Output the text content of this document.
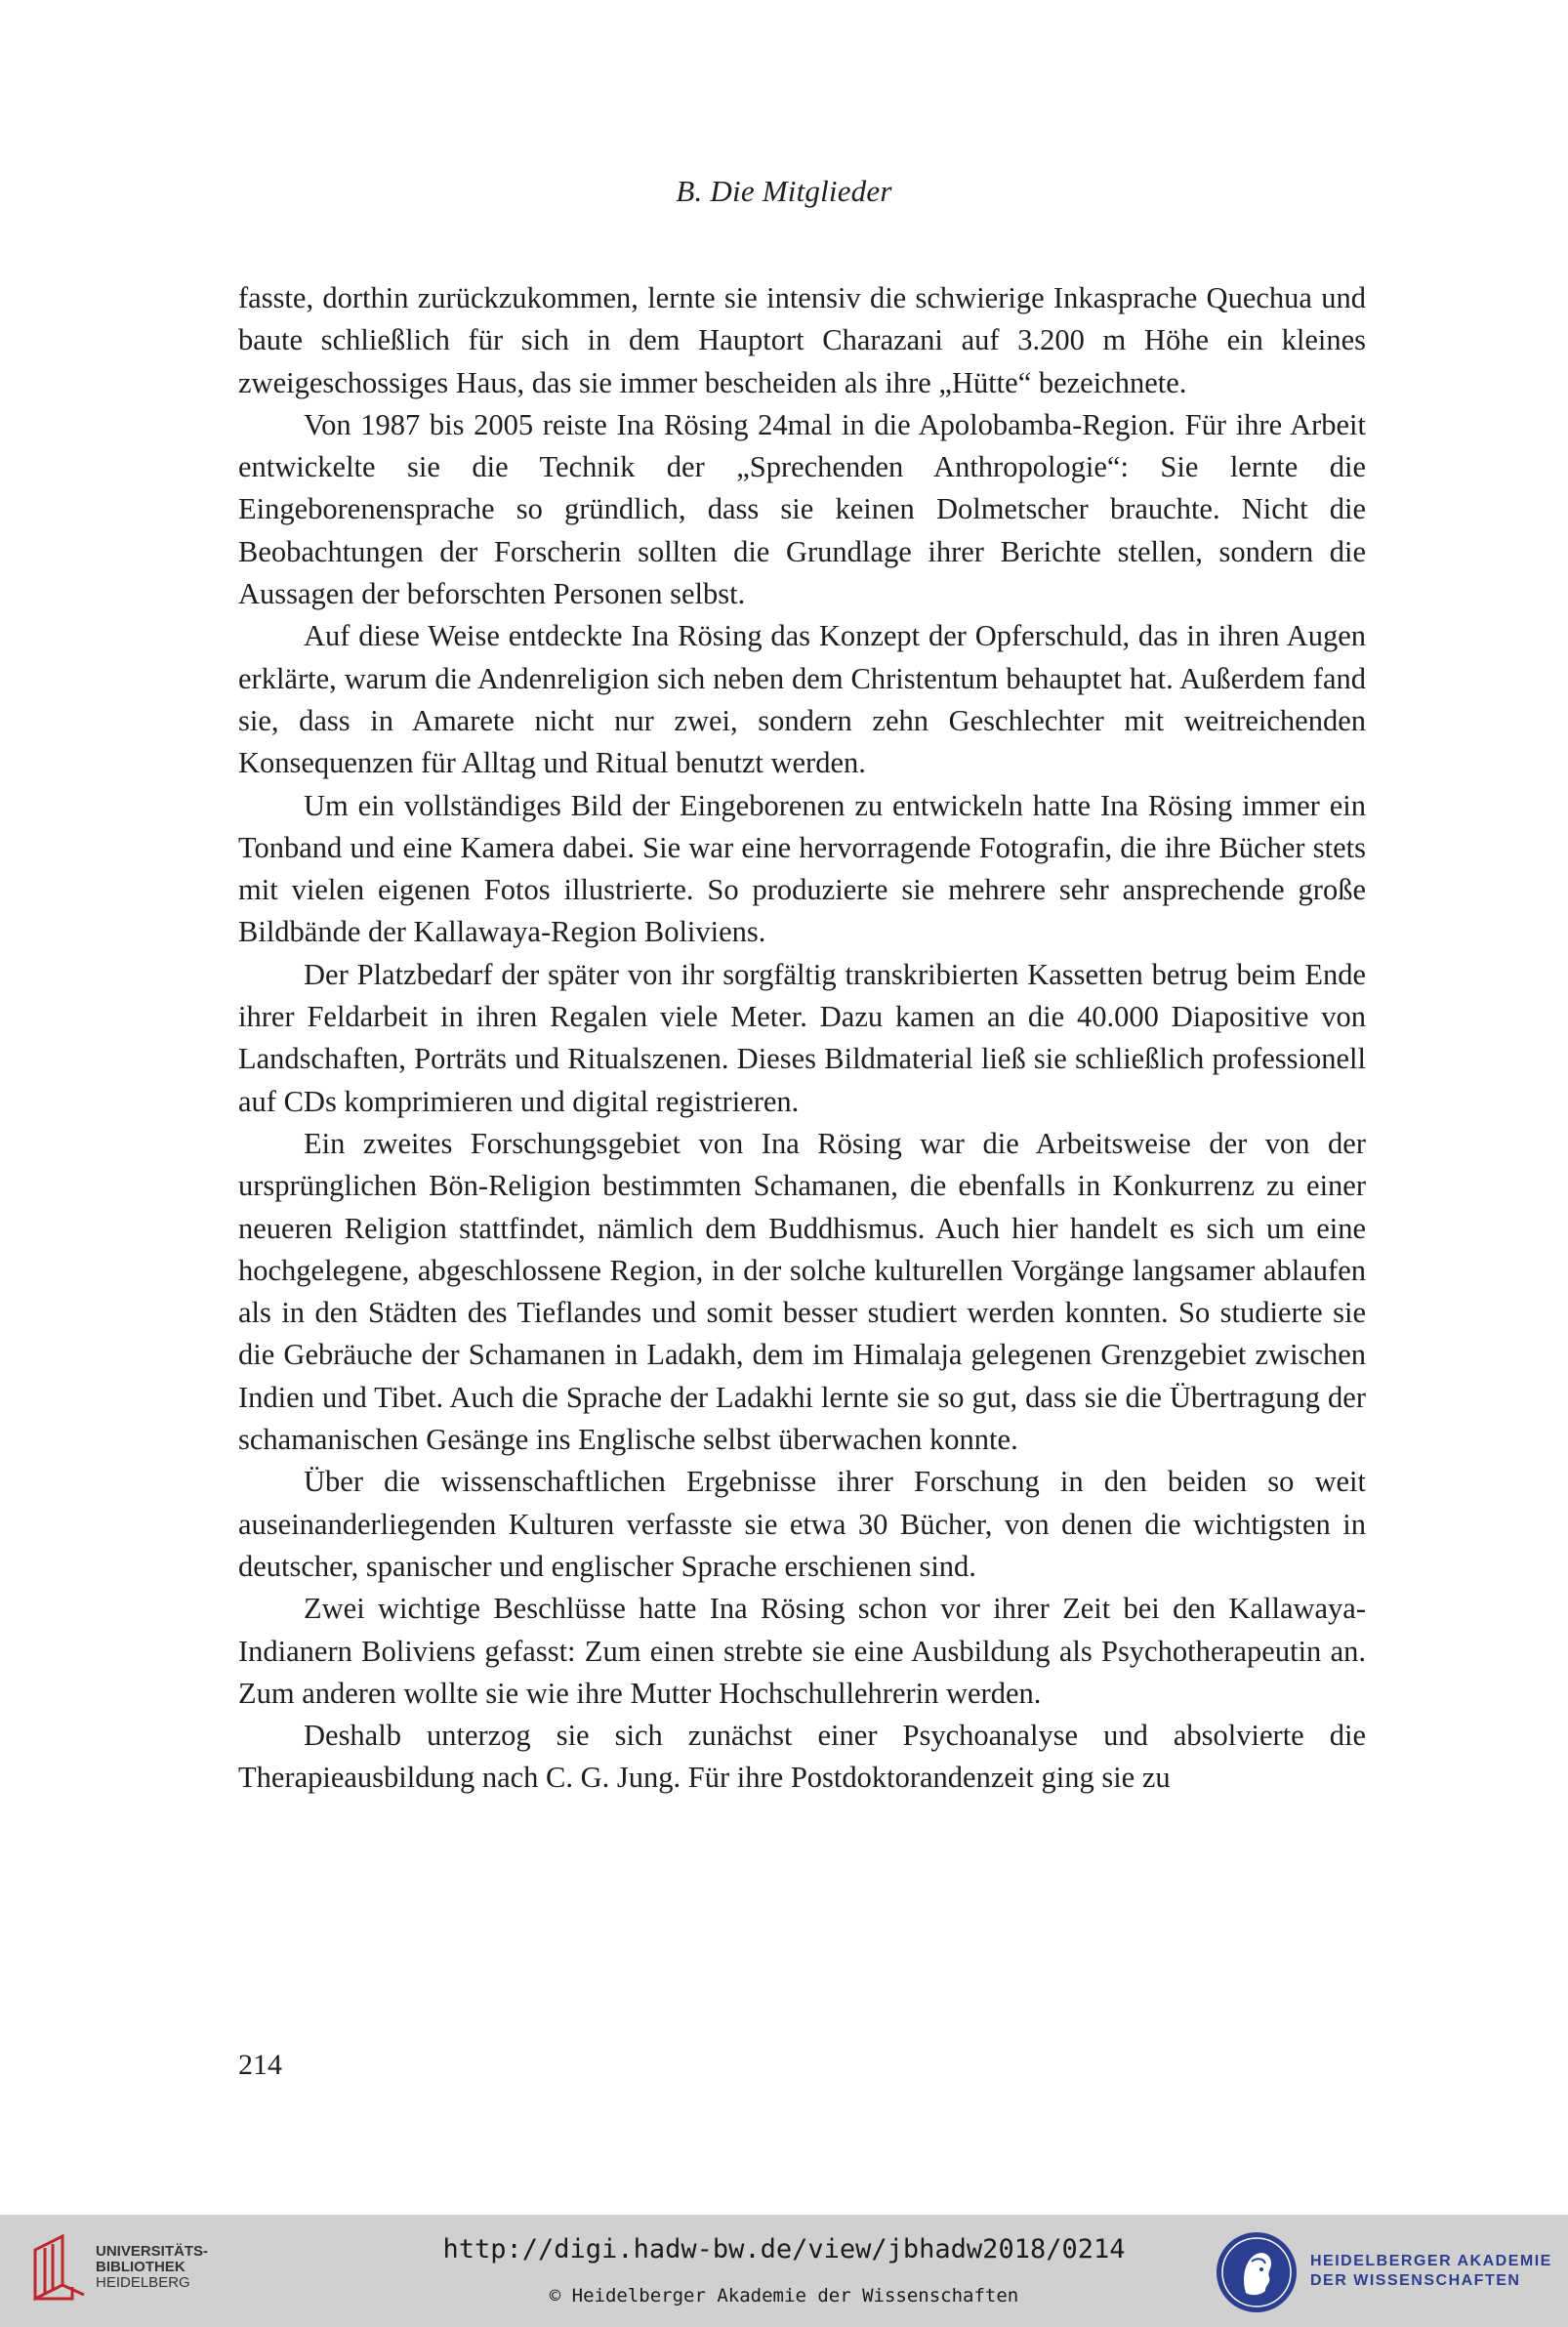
B. Die Mitglieder

fasste, dorthin zurückzukommen, lernte sie intensiv die schwierige Inkasprache Quechua und baute schließlich für sich in dem Hauptort Charazani auf 3.200 m Höhe ein kleines zweigeschossiges Haus, das sie immer bescheiden als ihre „Hütte“ bezeichnete.

Von 1987 bis 2005 reiste Ina Rösing 24mal in die Apolobamba-Region. Für ihre Arbeit entwickelte sie die Technik der „Sprechenden Anthropologie“: Sie lernte die Eingeborenensprache so gründlich, dass sie keinen Dolmetscher brauchte. Nicht die Beobachtungen der Forscherin sollten die Grundlage ihrer Berichte stellen, sondern die Aussagen der beforschten Personen selbst.

Auf diese Weise entdeckte Ina Rösing das Konzept der Opferschuld, das in ihren Augen erklärte, warum die Andenreligion sich neben dem Christentum behauptet hat. Außerdem fand sie, dass in Amarete nicht nur zwei, sondern zehn Geschlechter mit weitreichenden Konsequenzen für Alltag und Ritual benutzt werden.

Um ein vollständiges Bild der Eingeborenen zu entwickeln hatte Ina Rösing immer ein Tonband und eine Kamera dabei. Sie war eine hervorragende Fotografin, die ihre Bücher stets mit vielen eigenen Fotos illustrierte. So produzierte sie mehrere sehr ansprechende große Bildbände der Kallawaya-Region Boliviens.

Der Platzbedarf der später von ihr sorgfältig transkribierten Kassetten betrug beim Ende ihrer Feldarbeit in ihren Regalen viele Meter. Dazu kamen an die 40.000 Diapositive von Landschaften, Porträts und Ritualszenen. Dieses Bildmaterial ließ sie schließlich professionell auf CDs komprimieren und digital registrieren.

Ein zweites Forschungsgebiet von Ina Rösing war die Arbeitsweise der von der ursprünglichen Bön-Religion bestimmten Schamanen, die ebenfalls in Konkurrenz zu einer neueren Religion stattfindet, nämlich dem Buddhismus. Auch hier handelt es sich um eine hochgelegene, abgeschlossene Region, in der solche kulturellen Vorgänge langsamer ablaufen als in den Städten des Tieflandes und somit besser studiert werden konnten. So studierte sie die Gebräuche der Schamanen in Ladakh, dem im Himalaja gelegenen Grenzgebiet zwischen Indien und Tibet. Auch die Sprache der Ladakhi lernte sie so gut, dass sie die Übertragung der schamanischen Gesänge ins Englische selbst überwachen konnte.

Über die wissenschaftlichen Ergebnisse ihrer Forschung in den beiden so weit auseinanderliegenden Kulturen verfasste sie etwa 30 Bücher, von denen die wichtigsten in deutscher, spanischer und englischer Sprache erschienen sind.

Zwei wichtige Beschlüsse hatte Ina Rösing schon vor ihrer Zeit bei den Kallawaya-Indianern Boliviens gefasst: Zum einen strebte sie eine Ausbildung als Psychotherapeutin an. Zum anderen wollte sie wie ihre Mutter Hochschullehrerin werden.

Deshalb unterzog sie sich zunächst einer Psychoanalyse und absolvierte die Therapieausbildung nach C. G. Jung. Für ihre Postdoktorandenzeit ging sie zu

214
UNIVERSITÄTS-
BIBLIOTHEK
HEIDELBERG
http://digi.hadw-bw.de/view/jbhadw2018/0214
© Heidelberger Akademie der Wissenschaften
HEIDELBERGER AKADEMIE
DER WISSENSCHAFTEN
